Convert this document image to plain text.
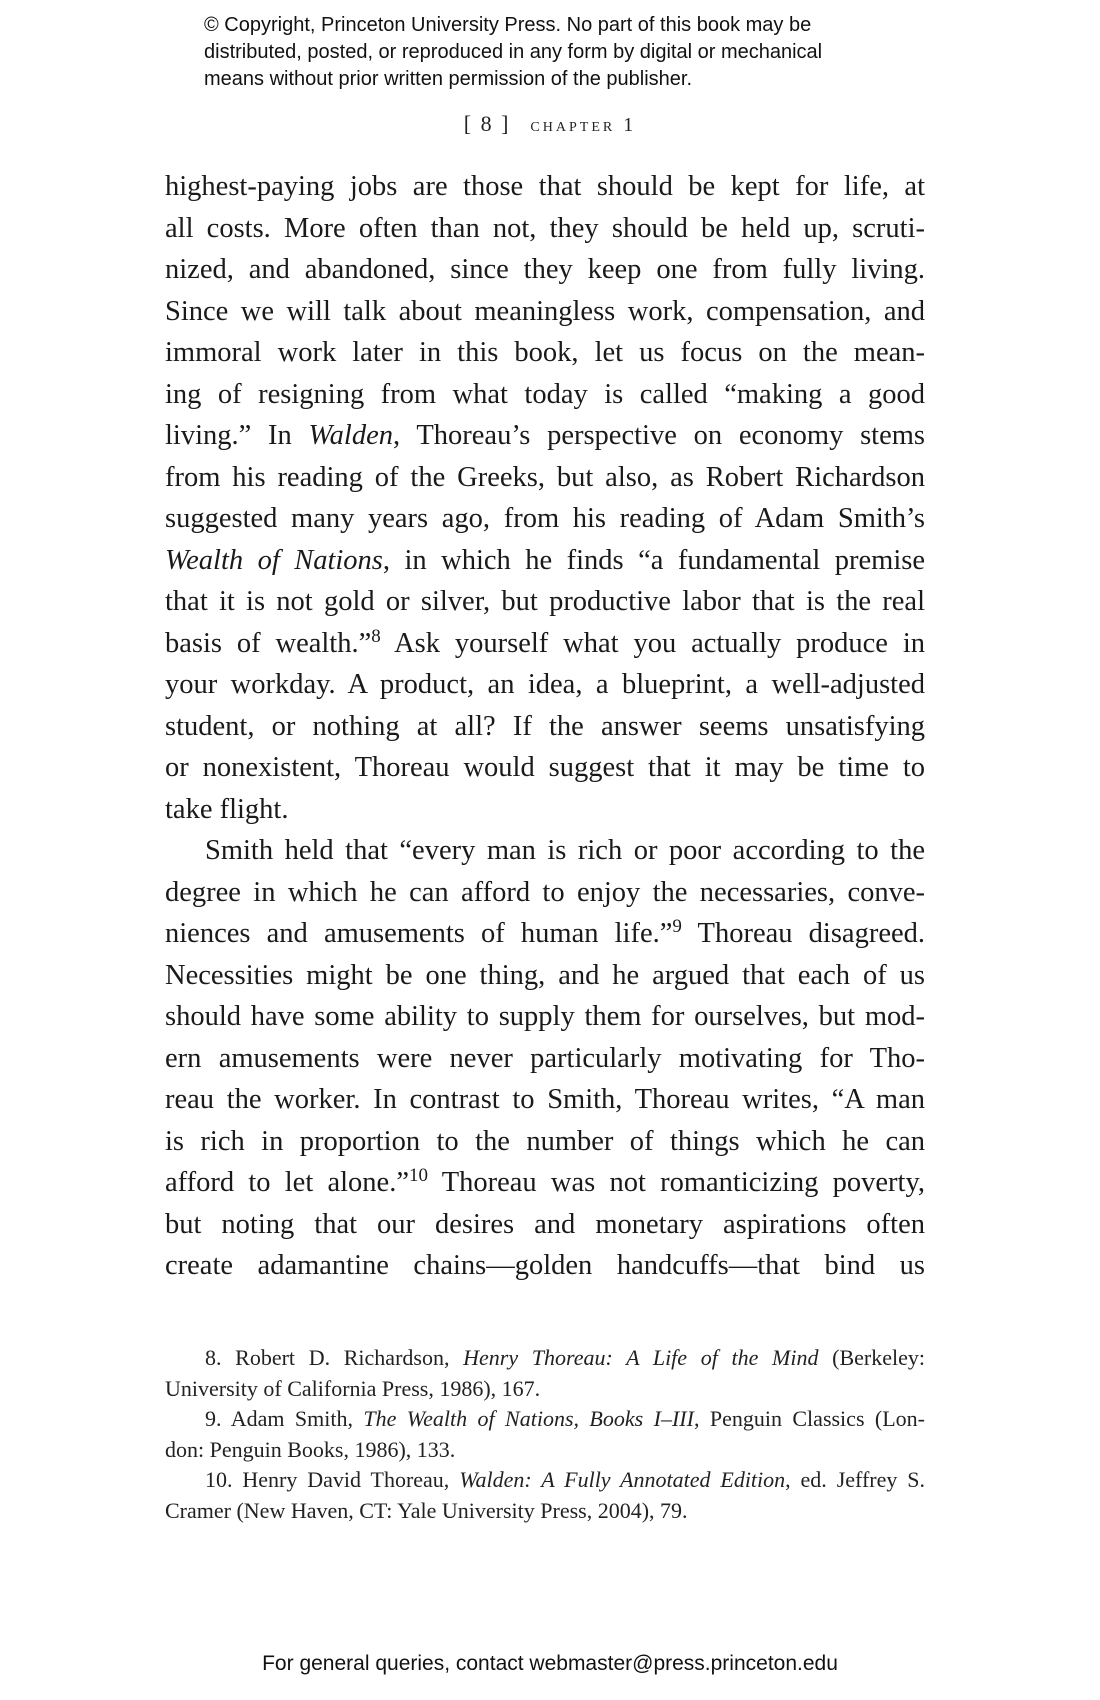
© Copyright, Princeton University Press. No part of this book may be
distributed, posted, or reproduced in any form by digital or mechanical
means without prior written permission of the publisher.
[ 8 ] chapter 1
highest-paying jobs are those that should be kept for life, at
all costs. More often than not, they should be held up, scruti-
nized, and abandoned, since they keep one from fully living.
Since we will talk about meaningless work, compensation, and
immoral work later in this book, let us focus on the mean-
ing of resigning from what today is called “making a good
living.” In Walden, Thoreau’s perspective on economy stems
from his reading of the Greeks, but also, as Robert Richardson
suggested many years ago, from his reading of Adam Smith’s
Wealth of Nations, in which he finds “a fundamental premise
that it is not gold or silver, but productive labor that is the real
basis of wealth.”$^8$ Ask yourself what you actually produce in
your workday. A product, an idea, a blueprint, a well-adjusted
student, or nothing at all? If the answer seems unsatisfying
or nonexistent, Thoreau would suggest that it may be time to
take flight.
Smith held that “every man is rich or poor according to the
degree in which he can afford to enjoy the necessaries, conve-
niences and amusements of human life.”$^9$ Thoreau disagreed.
Necessities might be one thing, and he argued that each of us
should have some ability to supply them for ourselves, but mod-
ern amusements were never particularly motivating for Tho-
reau the worker. In contrast to Smith, Thoreau writes, “A man
is rich in proportion to the number of things which he can
afford to let alone.”$^{10}$ Thoreau was not romanticizing poverty,
but noting that our desires and monetary aspirations often
create adamantine chains—golden handcuffs—that bind us
8. Robert D. Richardson, Henry Thoreau: A Life of the Mind (Berkeley:
University of California Press, 1986), 167.
9. Adam Smith, The Wealth of Nations, Books I–III, Penguin Classics (Lon-
don: Penguin Books, 1986), 133.
10. Henry David Thoreau, Walden: A Fully Annotated Edition, ed. Jeffrey S.
Cramer (New Haven, CT: Yale University Press, 2004), 79.
For general queries, contact webmaster@press.princeton.edu
